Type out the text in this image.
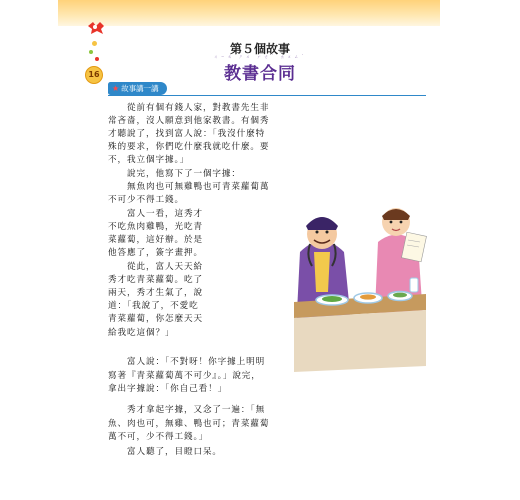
16
第５個故事
ㄐㄧㄠ ㄕㄨ ㄏㄜˊ ㄊㄨㄥˊ
教書合同
★ 故事講一講
　　從前有個有錢人家，對教書先生非
常吝嗇，沒人願意到他家教書。有個秀
才聽說了，找到富人說：「我沒什麼特
殊的要求，你們吃什麼我就吃什麼。要
不，我立個字據。」
　　說完，他寫下了一個字據：
　　無魚肉也可無雞鴨也可青菜蘿蔔萬
不可少不得工錢。
　　富人一看，這秀才
不吃魚肉雞鴨，光吃青
菜蘿蔔，這好辦。於是
他答應了，簽字畫押。
　　從此，富人天天給
秀才吃青菜蘿蔔。吃了
兩天，秀才生氣了，說
道：「我說了，不愛吃
青菜蘿蔔，你怎麼天天
給我吃這個？」
　　富人說：「不對呀！你字據上明明
寫著『青菜蘿蔔萬不可少』。」說完，
拿出字據說：「你自己看！」
　　秀才拿起字據，又念了一遍：「無
魚、肉也可，無雞、鴨也可；青菜蘿蔔
萬不可，少不得工錢。」
　　富人聽了，目瞪口呆。
